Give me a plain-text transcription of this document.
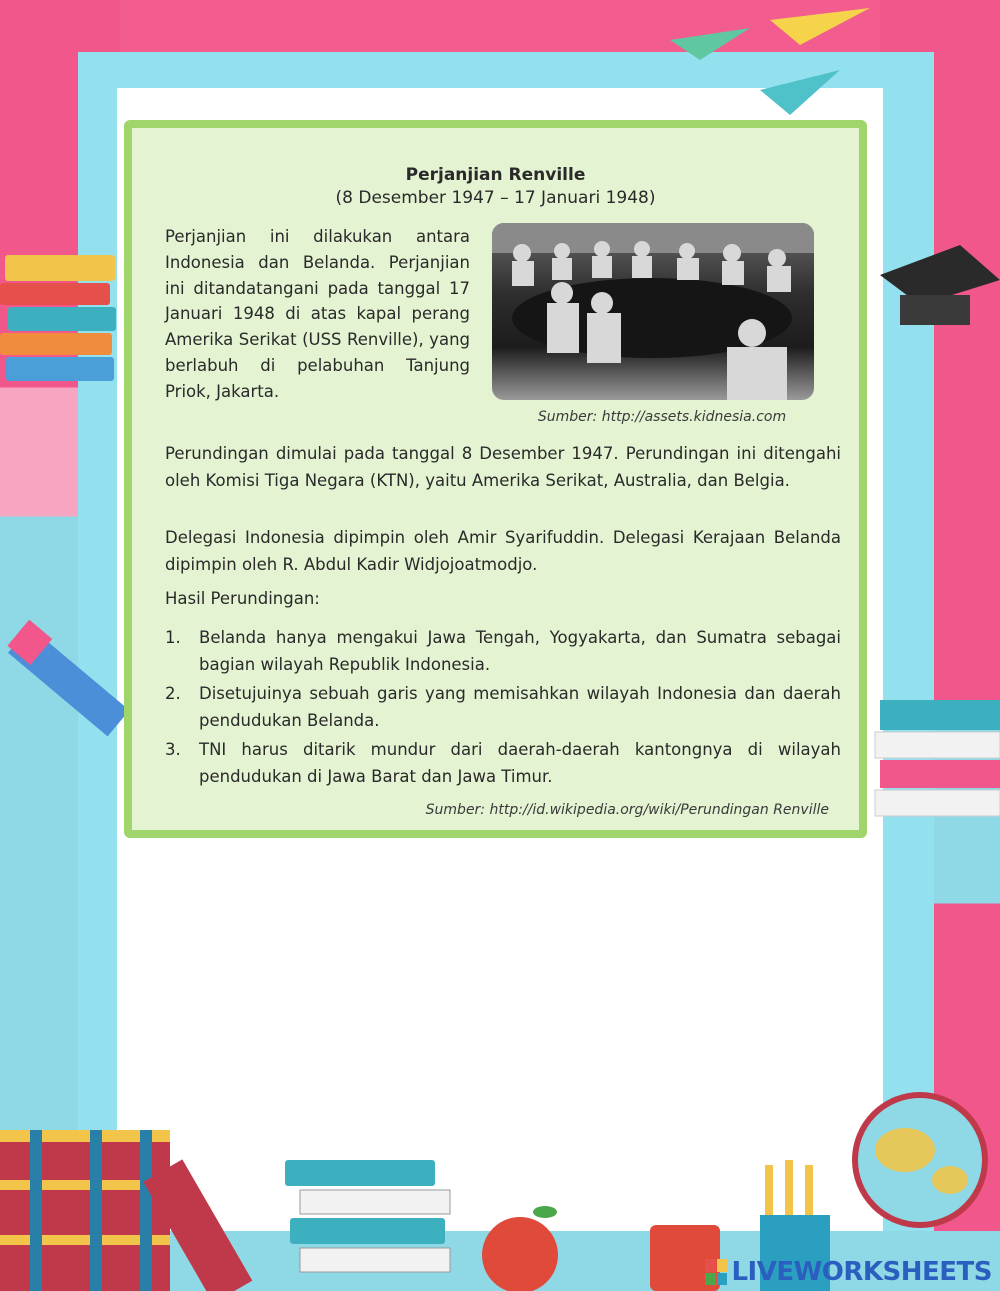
Perjanjian Renville
(8 Desember 1947 – 17 Januari 1948)
Perjanjian ini dilakukan antara Indonesia dan Belanda. Perjanjian ini ditandatangani pada tanggal 17 Januari 1948 di atas kapal perang Amerika Serikat (USS Renville), yang berlabuh di pelabuhan Tanjung Priok, Jakarta.
Sumber: http://assets.kidnesia.com
Perundingan dimulai pada tanggal 8 Desember 1947. Perundingan ini ditengahi oleh Komisi Tiga Negara (KTN), yaitu Amerika Serikat, Australia, dan Belgia.
Delegasi Indonesia dipimpin oleh Amir Syarifuddin. Delegasi Kerajaan Belanda dipimpin oleh R. Abdul Kadir Widjojoatmodjo.
Hasil Perundingan:
1. Belanda hanya mengakui Jawa Tengah, Yogyakarta, dan Sumatra sebagai bagian wilayah Republik Indonesia.
2. Disetujuinya sebuah garis yang memisahkan wilayah Indonesia dan daerah pendudukan Belanda.
3. TNI harus ditarik mundur dari daerah-daerah kantongnya di wilayah pendudukan di Jawa Barat dan Jawa Timur.
Sumber: http://id.wikipedia.org/wiki/Perundingan Renville
LIVEWORKSHEETS
